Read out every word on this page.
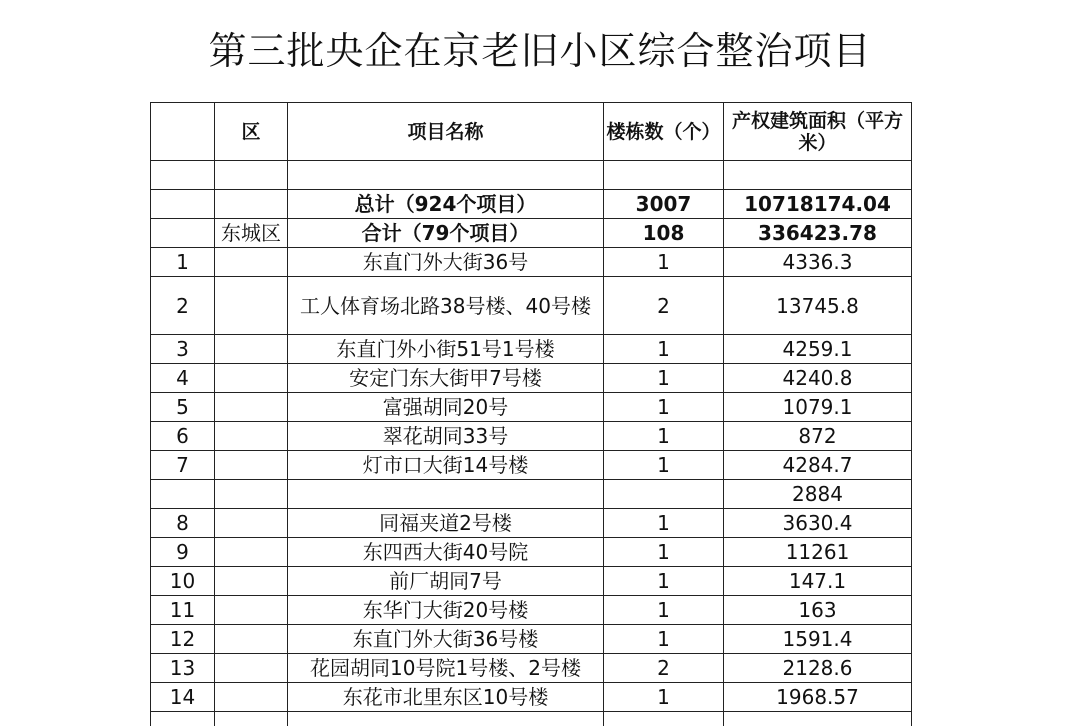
第三批央企在京老旧小区综合整治项目
	区	项目名称	楼栋数（个）	产权建筑面积（平方米）

		总计（924个项目）	3007	10718174.04
	东城区	合计（79个项目）	108	336423.78
1		东直门外大街36号	1	4336.3
2		工人体育场北路38号楼、40号楼	2	13745.8
3		东直门外小街51号1号楼	1	4259.1
4		安定门东大街甲7号楼	1	4240.8
5		富强胡同20号	1	1079.1
6		翠花胡同33号	1	872
7		灯市口大街14号楼	1	4284.7
				2884
8		同福夹道2号楼	1	3630.4
9		东四西大街40号院	1	11261
10		前厂胡同7号	1	147.1
11		东华门大街20号楼	1	163
12		东直门外大街36号楼	1	1591.4
13		花园胡同10号院1号楼、2号楼	2	2128.6
14		东花市北里东区10号楼	1	1968.57
